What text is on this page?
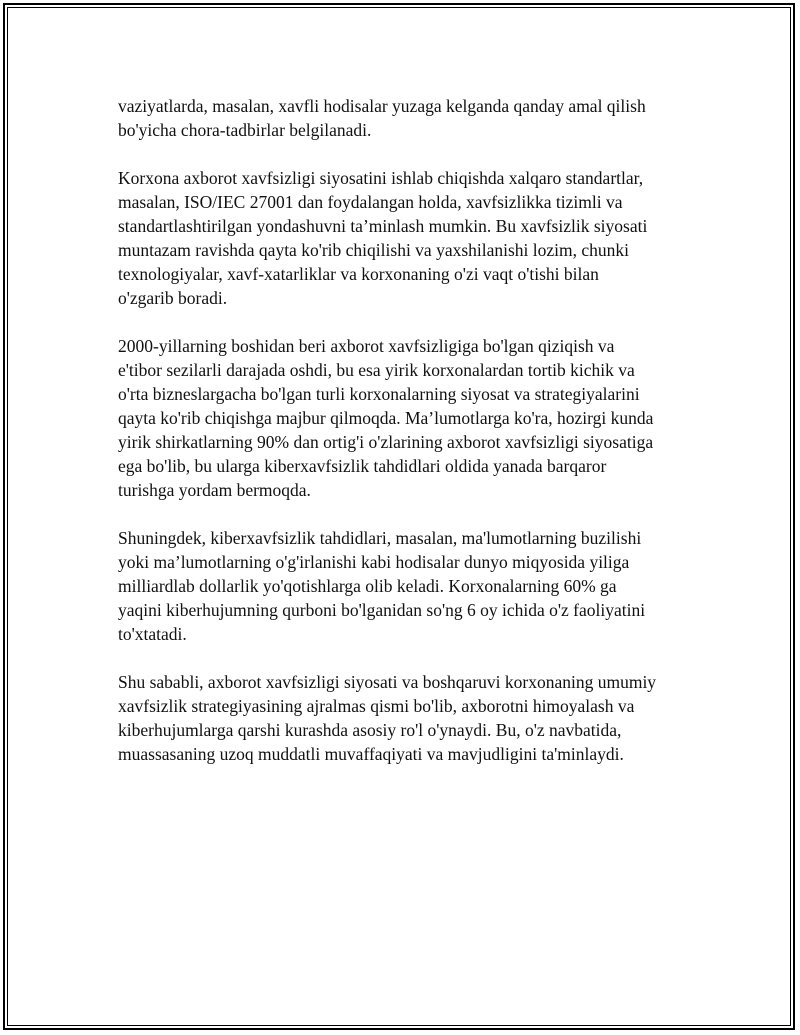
vaziyatlarda, masalan, xavfli hodisalar yuzaga kelganda qanday amal qilish
bo'yicha chora-tadbirlar belgilanadi.

Korxona axborot xavfsizligi siyosatini ishlab chiqishda xalqaro standartlar,
masalan, ISO/IEC 27001 dan foydalangan holda, xavfsizlikka tizimli va
standartlashtirilgan yondashuvni ta’minlash mumkin. Bu xavfsizlik siyosati
muntazam ravishda qayta ko'rib chiqilishi va yaxshilanishi lozim, chunki
texnologiyalar, xavf-xatarliklar va korxonaning o'zi vaqt o'tishi bilan
o'zgarib boradi.

2000-yillarning boshidan beri axborot xavfsizligiga bo'lgan qiziqish va
e'tibor sezilarli darajada oshdi, bu esa yirik korxonalardan tortib kichik va
o'rta bizneslargacha bo'lgan turli korxonalarning siyosat va strategiyalarini
qayta ko'rib chiqishga majbur qilmoqda. Ma’lumotlarga ko'ra, hozirgi kunda
yirik shirkatlarning 90% dan ortig'i o'zlarining axborot xavfsizligi siyosatiga
ega bo'lib, bu ularga kiberxavfsizlik tahdidlari oldida yanada barqaror
turishga yordam bermoqda.

Shuningdek, kiberxavfsizlik tahdidlari, masalan, ma'lumotlarning buzilishi
yoki ma’lumotlarning o'g'irlanishi kabi hodisalar dunyo miqyosida yiliga
milliardlab dollarlik yo'qotishlarga olib keladi. Korxonalarning 60% ga
yaqini kiberhujumning qurboni bo'lganidan so'ng 6 oy ichida o'z faoliyatini
to'xtatadi.

Shu sababli, axborot xavfsizligi siyosati va boshqaruvi korxonaning umumiy
xavfsizlik strategiyasining ajralmas qismi bo'lib, axborotni himoyalash va
kiberhujumlarga qarshi kurashda asosiy ro'l o'ynaydi. Bu, o'z navbatida,
muassasaning uzoq muddatli muvaffaqiyati va mavjudligini ta'minlaydi.
